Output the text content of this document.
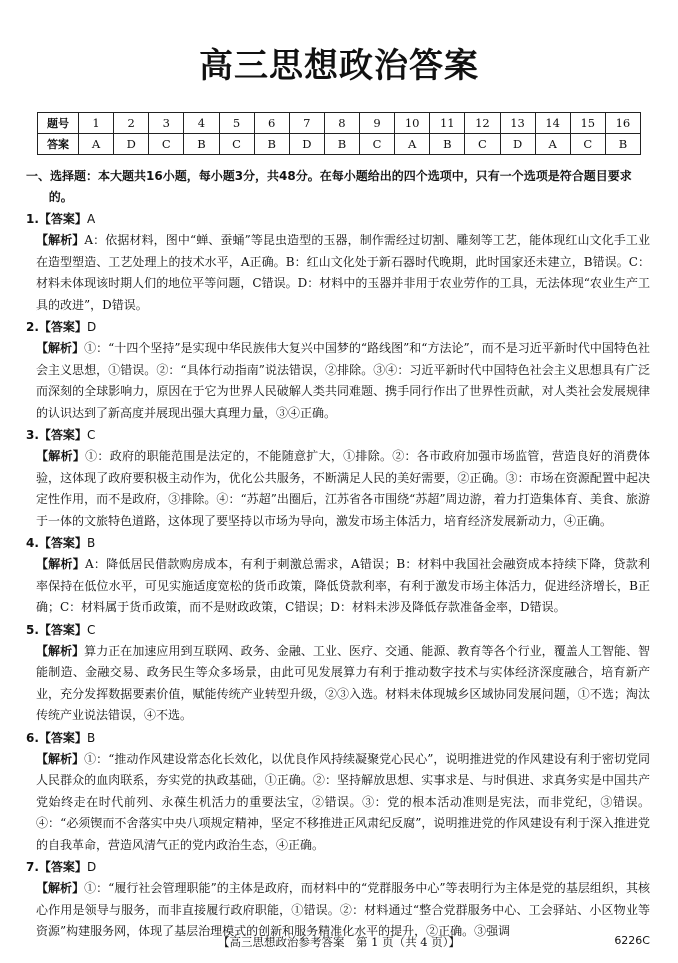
高三思想政治答案
题号	1	2	3	4	5	6	7	8	9	10	11	12	13	14	15	16
答案	A	D	C	B	C	B	D	B	C	A	B	C	D	A	C	B
一、选择题：本大题共16小题，每小题3分，共48分。在每小题给出的四个选项中，只有一个选项是符合题目要求的。
1.【答案】A
【解析】A：依据材料，图中“蝉、蚕蛹”等昆虫造型的玉器，制作需经过切割、雕刻等工艺，能体现红山文化手工业在造型塑造、工艺处理上的技术水平，A正确。B：红山文化处于新石器时代晚期，此时国家还未建立，B错误。C：材料未体现该时期人们的地位平等问题，C错误。D：材料中的玉器并非用于农业劳作的工具，无法体现“农业生产工具的改进”，D错误。
2.【答案】D
【解析】①：“十四个坚持”是实现中华民族伟大复兴中国梦的“路线图”和“方法论”，而不是习近平新时代中国特色社会主义思想，①错误。②：“具体行动指南”说法错误，②排除。③④：习近平新时代中国特色社会主义思想具有广泛而深刻的全球影响力，原因在于它为世界人民破解人类共同难题、携手同行作出了世界性贡献，对人类社会发展规律的认识达到了新高度并展现出强大真理力量，③④正确。
3.【答案】C
【解析】①：政府的职能范围是法定的，不能随意扩大，①排除。②：各市政府加强市场监管，营造良好的消费体验，这体现了政府要积极主动作为，优化公共服务，不断满足人民的美好需要，②正确。③：市场在资源配置中起决定性作用，而不是政府，③排除。④：“苏超”出圈后，江苏省各市围绕“苏超”周边游，着力打造集体育、美食、旅游于一体的文旅特色道路，这体现了要坚持以市场为导向，激发市场主体活力，培育经济发展新动力，④正确。
4.【答案】B
【解析】A：降低居民借款购房成本，有利于刺激总需求，A错误；B：材料中我国社会融资成本持续下降，贷款利率保持在低位水平，可见实施适度宽松的货币政策，降低贷款利率，有利于激发市场主体活力，促进经济增长，B正确；C：材料属于货币政策，而不是财政政策，C错误；D：材料未涉及降低存款准备金率，D错误。
5.【答案】C
【解析】算力正在加速应用到互联网、政务、金融、工业、医疗、交通、能源、教育等各个行业，覆盖人工智能、智能制造、金融交易、政务民生等众多场景，由此可见发展算力有利于推动数字技术与实体经济深度融合，培育新产业，充分发挥数据要素价值，赋能传统产业转型升级，②③入选。材料未体现城乡区域协同发展问题，①不选；淘汰传统产业说法错误，④不选。
6.【答案】B
【解析】①：“推动作风建设常态化长效化，以优良作风持续凝聚党心民心”，说明推进党的作风建设有利于密切党同人民群众的血肉联系，夯实党的执政基础，①正确。②：坚持解放思想、实事求是、与时俱进、求真务实是中国共产党始终走在时代前列、永葆生机活力的重要法宝，②错误。③：党的根本活动准则是宪法，而非党纪，③错误。④：“必须锲而不舍落实中央八项规定精神，坚定不移推进正风肃纪反腐”，说明推进党的作风建设有利于深入推进党的自我革命，营造风清气正的党内政治生态，④正确。
7.【答案】D
【解析】①：“履行社会管理职能”的主体是政府，而材料中的“党群服务中心”等表明行为主体是党的基层组织，其核心作用是领导与服务，而非直接履行政府职能，①错误。②：材料通过“整合党群服务中心、工会驿站、小区物业等资源”构建服务网，体现了基层治理模式的创新和服务精准化水平的提升，②正确。③强调
【高三思想政治参考答案　第 1 页（共 4 页）】	6226C
